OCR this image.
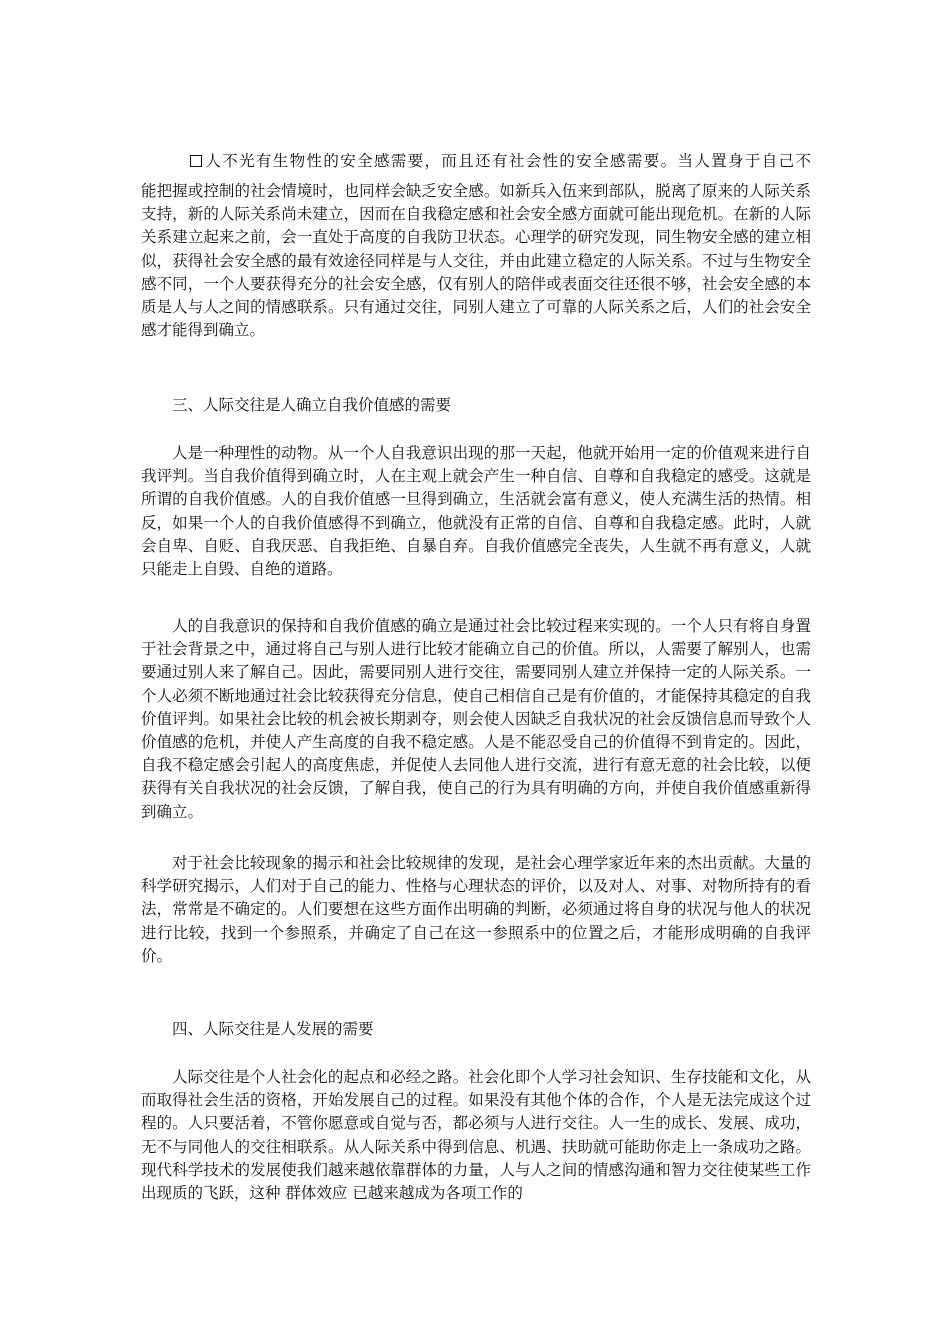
人不光有生物性的安全感需要，而且还有社会性的安全感需要。当人置身于自己不
能把握或控制的社会情境时，也同样会缺乏安全感。如新兵入伍来到部队，脱离了原来的人际关系支持，新的人际关系尚未建立，因而在自我稳定感和社会安全感方面就可能出现危机。在新的人际关系建立起来之前，会一直处于高度的自我防卫状态。心理学的研究发现，同生物安全感的建立相似，获得社会安全感的最有效途径同样是与人交往，并由此建立稳定的人际关系。不过与生物安全感不同，一个人要获得充分的社会安全感，仅有别人的陪伴或表面交往还很不够，社会安全感的本质是人与人之间的情感联系。只有通过交往，同别人建立了可靠的人际关系之后，人们的社会安全感才能得到确立。
三、人际交往是人确立自我价值感的需要
人是一种理性的动物。从一个人自我意识出现的那一天起，他就开始用一定的价值观来进行自我评判。当自我价值得到确立时，人在主观上就会产生一种自信、自尊和自我稳定的感受。这就是所谓的自我价值感。人的自我价值感一旦得到确立，生活就会富有意义，使人充满生活的热情。相反，如果一个人的自我价值感得不到确立，他就没有正常的自信、自尊和自我稳定感。此时，人就会自卑、自贬、自我厌恶、自我拒绝、自暴自弃。自我价值感完全丧失，人生就不再有意义，人就只能走上自毁、自绝的道路。
人的自我意识的保持和自我价值感的确立是通过社会比较过程来实现的。一个人只有将自身置于社会背景之中，通过将自己与别人进行比较才能确立自己的价值。所以，人需要了解别人，也需要通过别人来了解自己。因此，需要同别人进行交往，需要同别人建立并保持一定的人际关系。一个人必须不断地通过社会比较获得充分信息，使自己相信自己是有价值的，才能保持其稳定的自我价值评判。如果社会比较的机会被长期剥夺，则会使人因缺乏自我状况的社会反馈信息而导致个人价值感的危机，并使人产生高度的自我不稳定感。人是不能忍受自己的价值得不到肯定的。因此，自我不稳定感会引起人的高度焦虑，并促使人去同他人进行交流，进行有意无意的社会比较，以便获得有关自我状况的社会反馈，了解自我，使自己的行为具有明确的方向，并使自我价值感重新得到确立。
对于社会比较现象的揭示和社会比较规律的发现，是社会心理学家近年来的杰出贡献。大量的科学研究揭示，人们对于自己的能力、性格与心理状态的评价，以及对人、对事、对物所持有的看法，常常是不确定的。人们要想在这些方面作出明确的判断，必须通过将自身的状况与他人的状况进行比较，找到一个参照系，并确定了自己在这一参照系中的位置之后，才能形成明确的自我评价。
四、人际交往是人发展的需要
人际交往是个人社会化的起点和必经之路。社会化即个人学习社会知识、生存技能和文化，从而取得社会生活的资格，开始发展自己的过程。如果没有其他个体的合作，个人是无法完成这个过程的。人只要活着，不管你愿意或自觉与否，都必须与人进行交往。人一生的成长、发展、成功，无不与同他人的交往相联系。从人际关系中得到信息、机遇、扶助就可能助你走上一条成功之路。现代科学技术的发展使我们越来越依靠群体的力量，人与人之间的情感沟通和智力交往使某些工作出现质的飞跃，这种 群体效应 已越来越成为各项工作的
